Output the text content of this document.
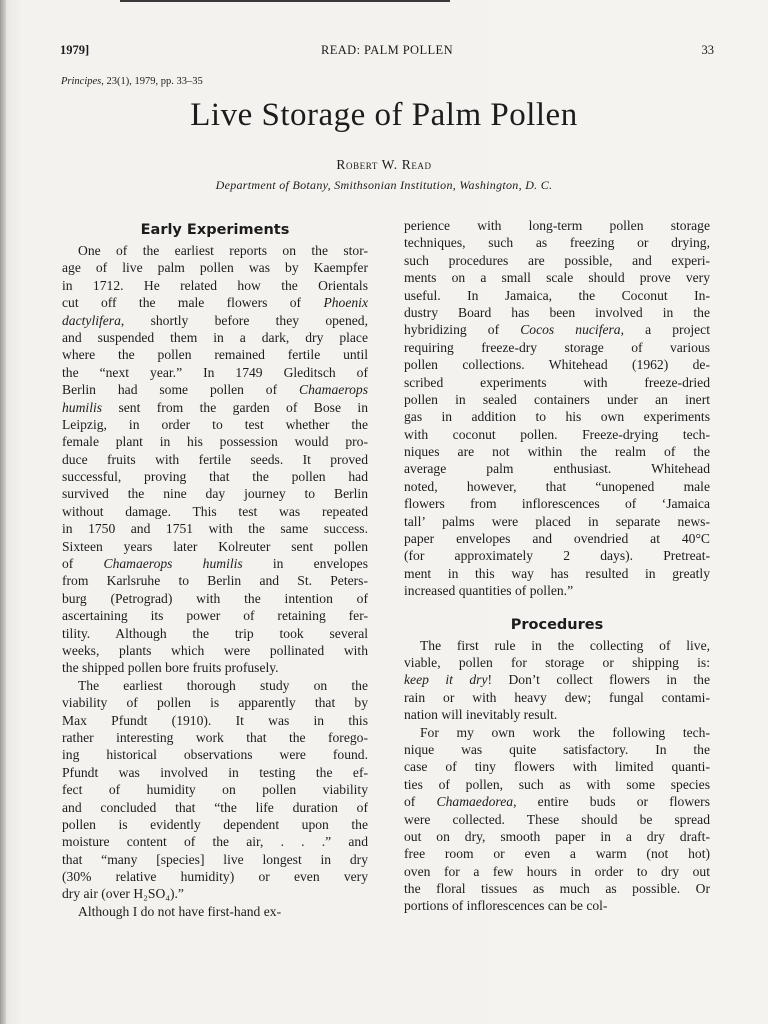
1979]	READ: PALM POLLEN	33
Principes, 23(1), 1979, pp. 33–35
Live Storage of Palm Pollen
Robert W. Read
Department of Botany, Smithsonian Institution, Washington, D. C.
Early Experiments
One of the earliest reports on the stor-
age of live palm pollen was by Kaempfer
in 1712. He related how the Orientals
cut off the male flowers of Phoenix
dactylifera, shortly before they opened,
and suspended them in a dark, dry place
where the pollen remained fertile until
the “next year.” In 1749 Gleditsch of
Berlin had some pollen of Chamaerops
humilis sent from the garden of Bose in
Leipzig, in order to test whether the
female plant in his possession would pro-
duce fruits with fertile seeds. It proved
successful, proving that the pollen had
survived the nine day journey to Berlin
without damage. This test was repeated
in 1750 and 1751 with the same success.
Sixteen years later Kolreuter sent pollen
of Chamaerops humilis in envelopes
from Karlsruhe to Berlin and St. Peters-
burg (Petrograd) with the intention of
ascertaining its power of retaining fer-
tility. Although the trip took several
weeks, plants which were pollinated with
the shipped pollen bore fruits profusely.
The earliest thorough study on the
viability of pollen is apparently that by
Max Pfundt (1910). It was in this
rather interesting work that the forego-
ing historical observations were found.
Pfundt was involved in testing the ef-
fect of humidity on pollen viability
and concluded that “the life duration of
pollen is evidently dependent upon the
moisture content of the air, . . .” and
that “many [species] live longest in dry
(30% relative humidity) or even very
dry air (over H₂SO₄).”
Although I do not have first-hand ex-
perience with long-term pollen storage
techniques, such as freezing or drying,
such procedures are possible, and experi-
ments on a small scale should prove very
useful. In Jamaica, the Coconut In-
dustry Board has been involved in the
hybridizing of Cocos nucifera, a project
requiring freeze-dry storage of various
pollen collections. Whitehead (1962) de-
scribed experiments with freeze-dried
pollen in sealed containers under an inert
gas in addition to his own experiments
with coconut pollen. Freeze-drying tech-
niques are not within the realm of the
average palm enthusiast. Whitehead
noted, however, that “unopened male
flowers from inflorescences of ‘Jamaica
tall’ palms were placed in separate news-
paper envelopes and ovendried at 40°C
(for approximately 2 days). Pretreat-
ment in this way has resulted in greatly
increased quantities of pollen.”
Procedures
The first rule in the collecting of live,
viable, pollen for storage or shipping is:
keep it dry! Don’t collect flowers in the
rain or with heavy dew; fungal contami-
nation will inevitably result.
For my own work the following tech-
nique was quite satisfactory. In the
case of tiny flowers with limited quanti-
ties of pollen, such as with some species
of Chamaedorea, entire buds or flowers
were collected. These should be spread
out on dry, smooth paper in a dry draft-
free room or even a warm (not hot)
oven for a few hours in order to dry out
the floral tissues as much as possible. Or
portions of inflorescences can be col-
